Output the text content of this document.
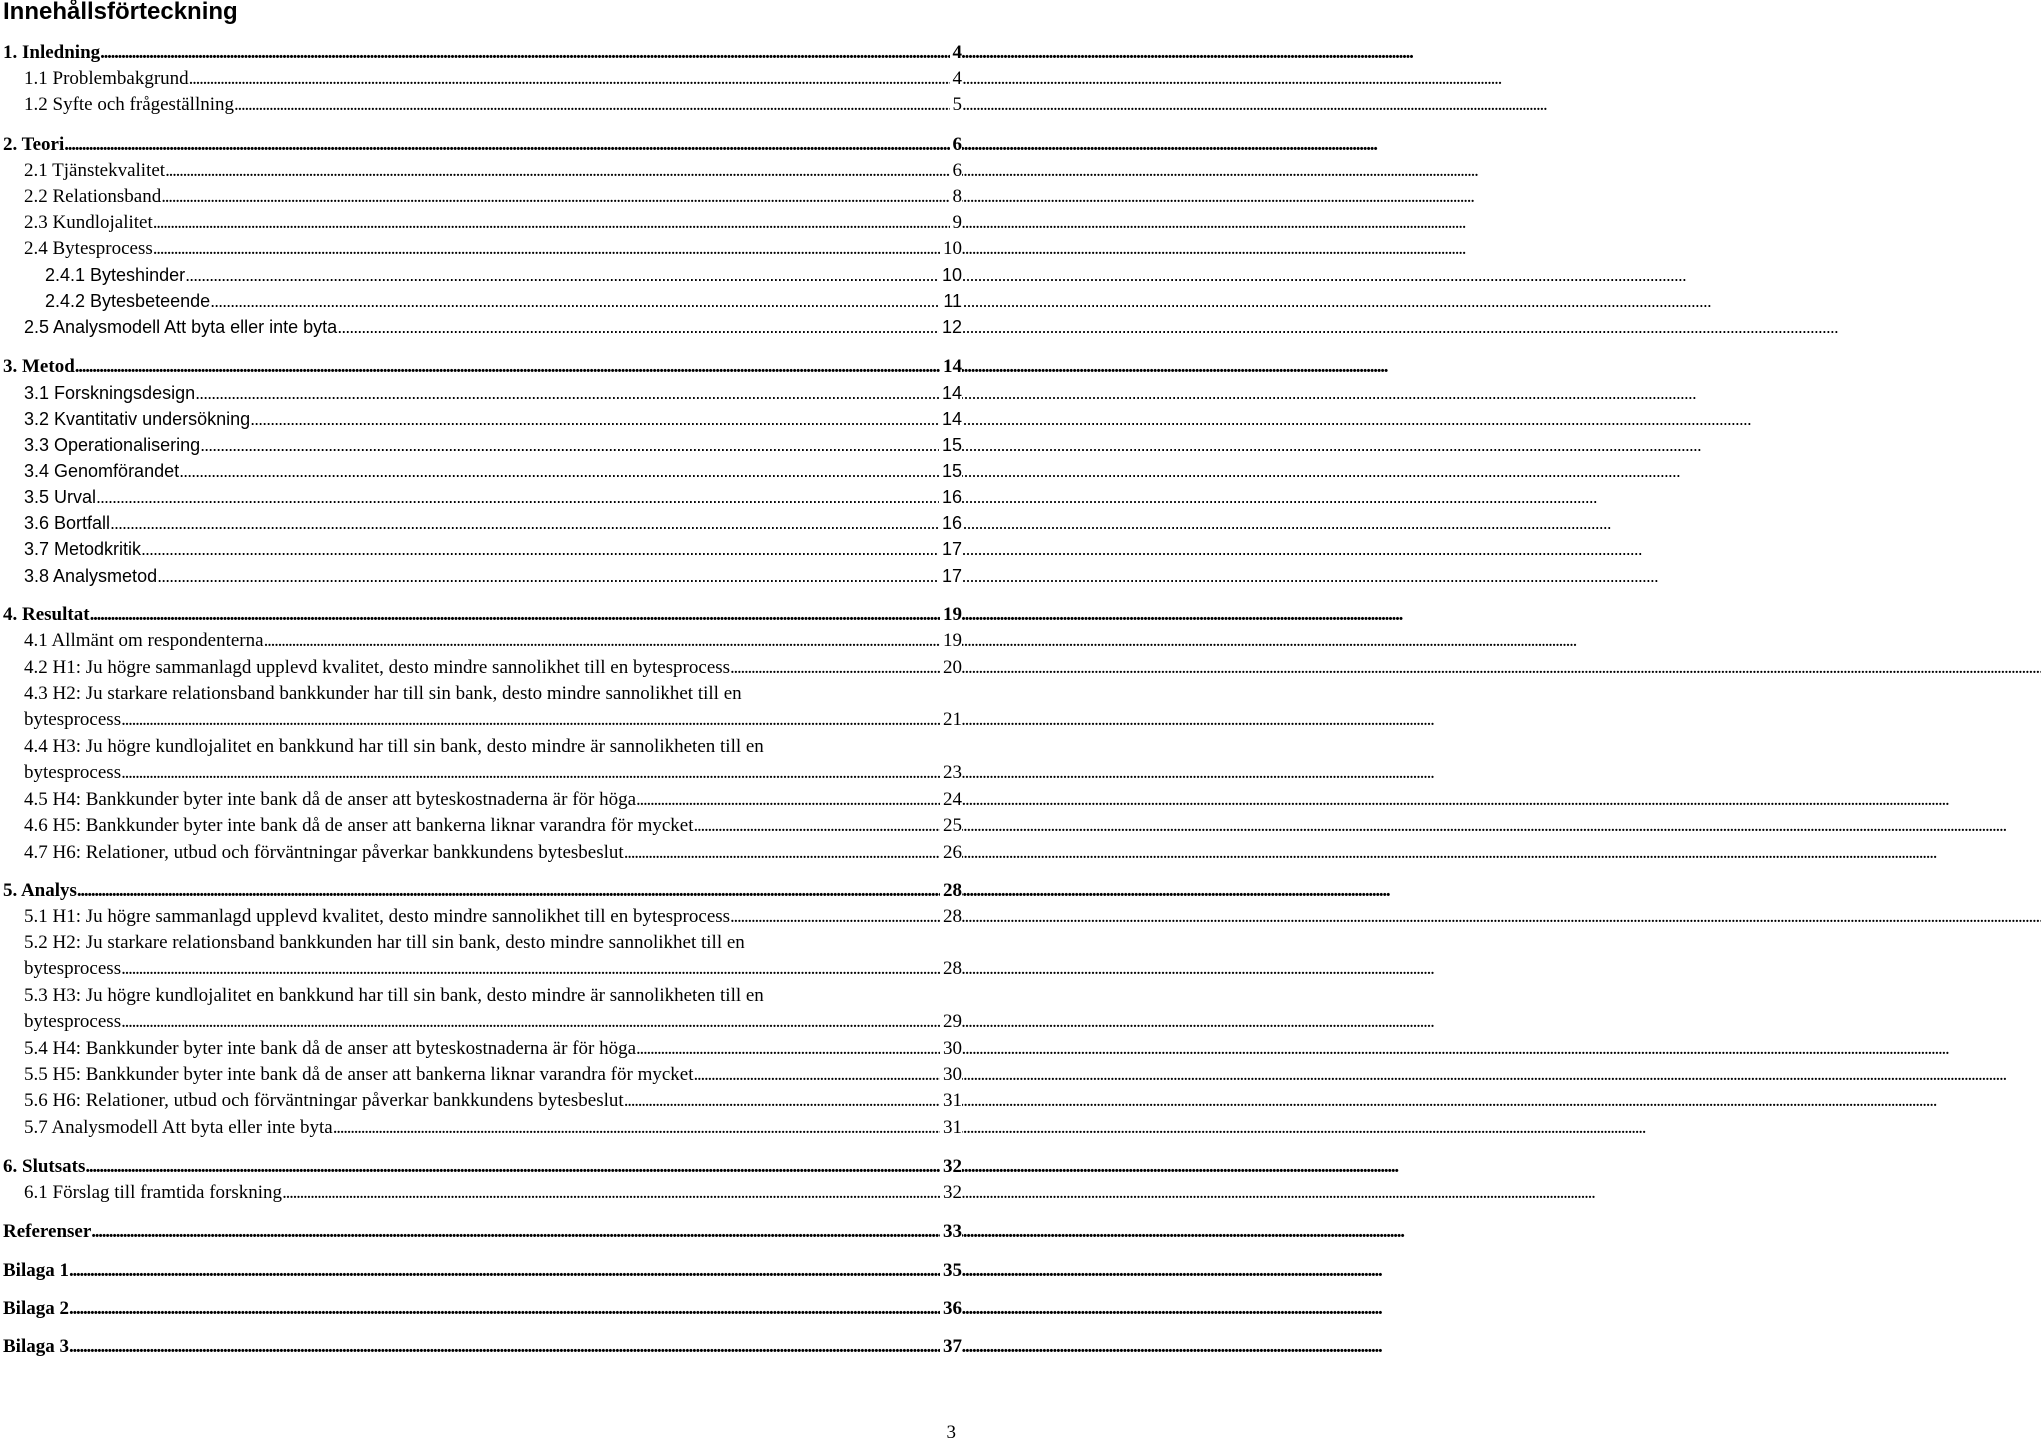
Innehållsförteckning
1. Inledning . . .	4
1.1 Problembakgrund . . .	4
1.2 Syfte och frågeställning . . .	5
2. Teori . . .	6
2.1 Tjänstekvalitet . . .	6
2.2 Relationsband . . .	8
2.3 Kundlojalitet . . .	9
2.4 Bytesprocess . . .	10
2.4.1 Byteshinder . . .	10
2.4.2 Bytesbeteende . . .	11
2.5 Analysmodell Att byta eller inte byta . . .	12
3. Metod . . .	14
3.1 Forskningsdesign . . .	14
3.2 Kvantitativ undersökning . . .	14
3.3 Operationalisering . . .	15
3.4 Genomförandet . . .	15
3.5 Urval . . .	16
3.6 Bortfall . . .	16
3.7 Metodkritik . . .	17
3.8 Analysmetod . . .	17
4. Resultat . . .	19
4.1 Allmänt om respondenterna . . .	19
4.2 H1: Ju högre sammanlagd upplevd kvalitet, desto mindre sannolikhet till en bytesprocess . . .	20
4.3 H2: Ju starkare relationsband bankkunder har till sin bank, desto mindre sannolikhet till en
bytesprocess . . .	21
4.4 H3: Ju högre kundlojalitet en bankkund har till sin bank, desto mindre är sannolikheten till en
bytesprocess . . .	23
4.5 H4: Bankkunder byter inte bank då de anser att byteskostnaderna är för höga . . .	24
4.6 H5: Bankkunder byter inte bank då de anser att bankerna liknar varandra för mycket . . .	25
4.7 H6: Relationer, utbud och förväntningar påverkar bankkundens bytesbeslut . . .	26
5. Analys . . .	28
5.1 H1: Ju högre sammanlagd upplevd kvalitet, desto mindre sannolikhet till en bytesprocess . . .	28
5.2 H2: Ju starkare relationsband bankkunden har till sin bank, desto mindre sannolikhet till en
bytesprocess . . .	28
5.3 H3: Ju högre kundlojalitet en bankkund har till sin bank, desto mindre är sannolikheten till en
bytesprocess . . .	29
5.4 H4: Bankkunder byter inte bank då de anser att byteskostnaderna är för höga . . .	30
5.5 H5: Bankkunder byter inte bank då de anser att bankerna liknar varandra för mycket . . .	30
5.6 H6: Relationer, utbud och förväntningar påverkar bankkundens bytesbeslut . . .	31
5.7 Analysmodell Att byta eller inte byta . . .	31
6. Slutsats . . .	32
6.1 Förslag till framtida forskning . . .	32
Referenser . . .	33
Bilaga 1 . . .	35
Bilaga 2 . . .	36
Bilaga 3 . . .	37
3
